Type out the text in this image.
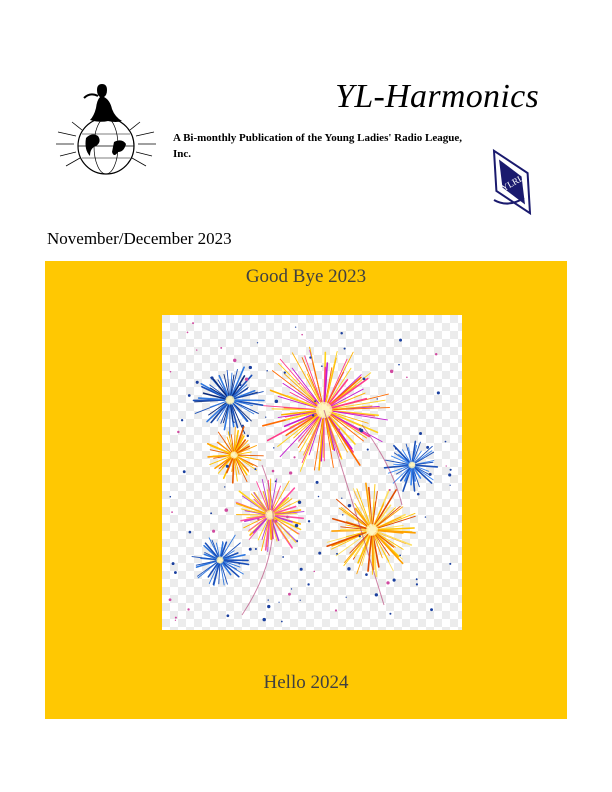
YL-Harmonics
A Bi-monthly Publication of the Young Ladies' Radio League, Inc.
YLRL
November/December 2023
Good Bye 2023
Hello 2024
